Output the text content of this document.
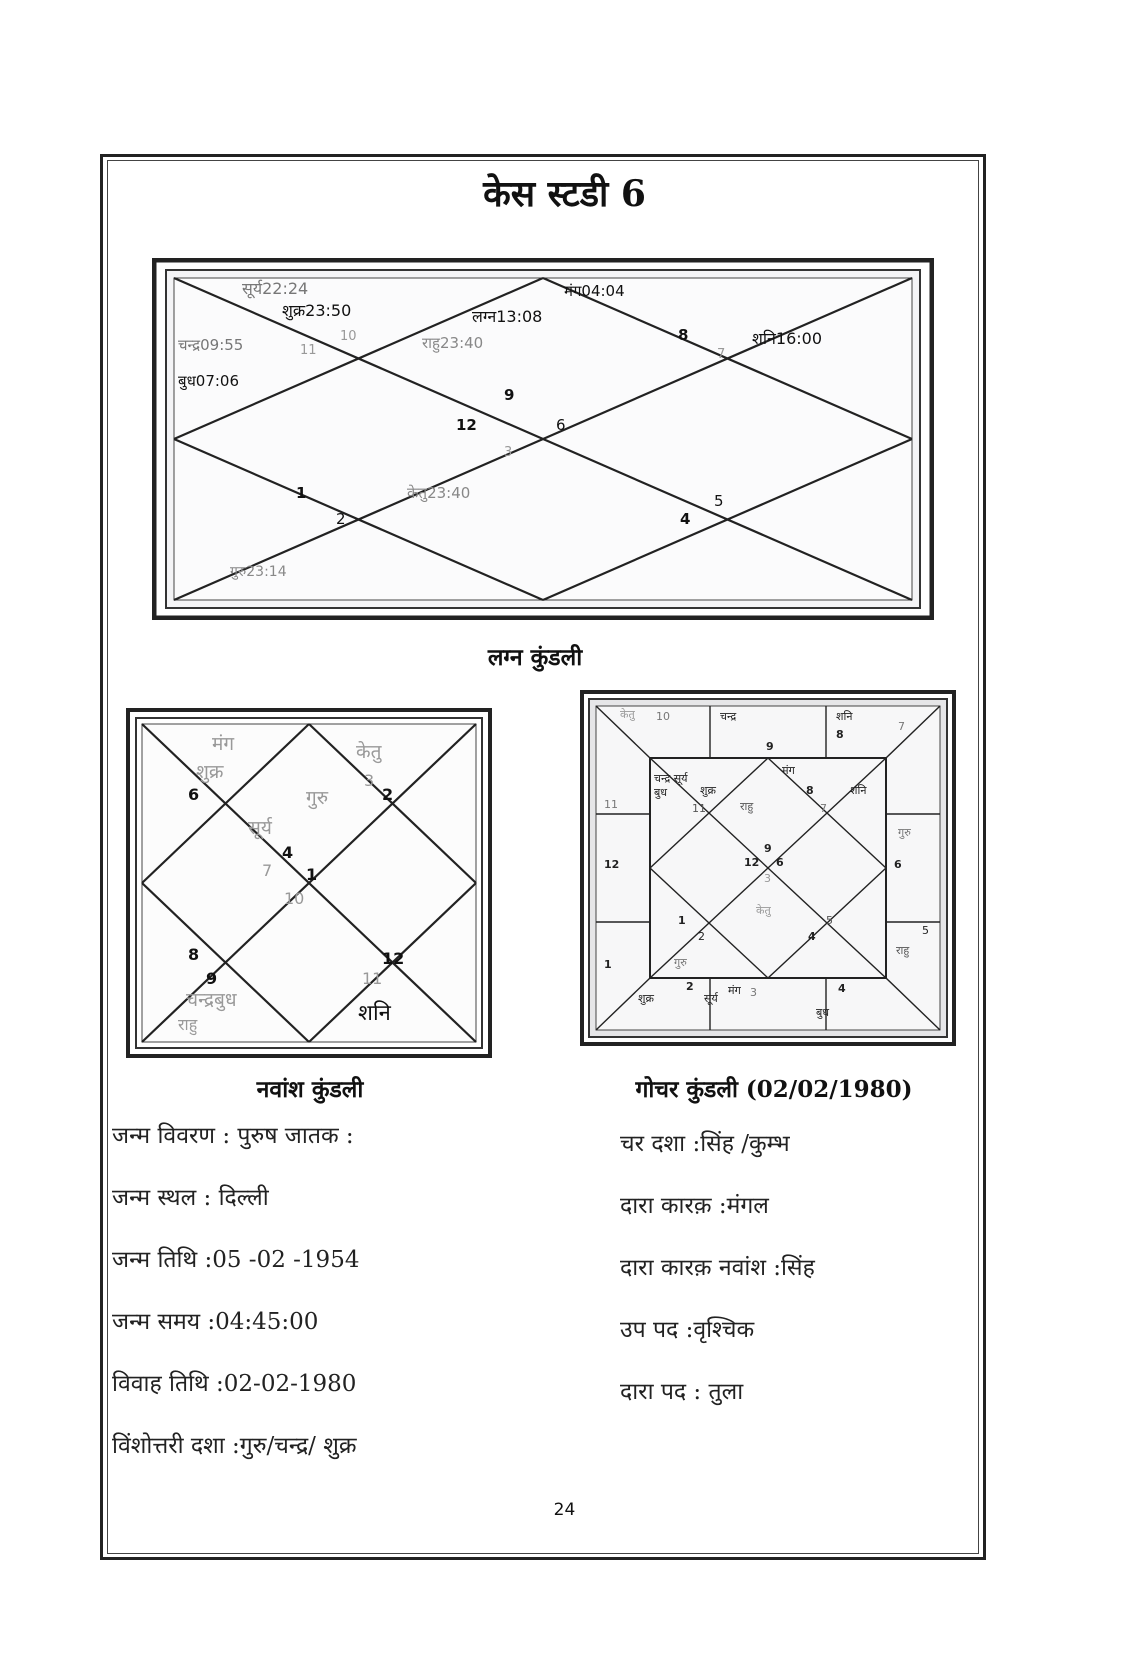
केस स्टडी 6
सूर्य22:24
शुक्र23:50
चन्द्र09:55
बुध07:06
लग्न13:08
राहु23:40
मंग04:04
शनि16:00
केतु23:40
गुरु23:14
9
12	6
3
1
2	4
5
8
7
10
11
लग्न कुंडली
मंग
शुक्र
केतु
गुरु
सूर्य
चन्द्रबुध
राहु	शनि
6
3
2
4
7 1
10
8
9	11
12
नवांश कुंडली
केतु 10	चन्द्र
9
शनि
8
7
11
गुरु
12	6
5
राहु
1
शुक्र
2
सूर्य
मंग 3	4
बुध
चन्द्र सूर्य
बुध	शुक्र
मंग
राहु
शनि
केतु
गुरु
11
8
7
9
12 6
3
1
2
5
4
गोचर कुंडली (02/02/1980)
जन्म विवरण : पुरुष जातक :
जन्म स्थल : दिल्ली
जन्म तिथि :05 -02 -1954
जन्म समय :04:45:00
विवाह तिथि :02-02-1980
विंशोत्तरी दशा :गुरु/चन्द्र/ शुक्र
चर दशा :सिंह /कुम्भ
दारा कारक़ :मंगल
दारा कारक़ नवांश :सिंह
उप पद :वृश्चिक
दारा पद : तुला
24
